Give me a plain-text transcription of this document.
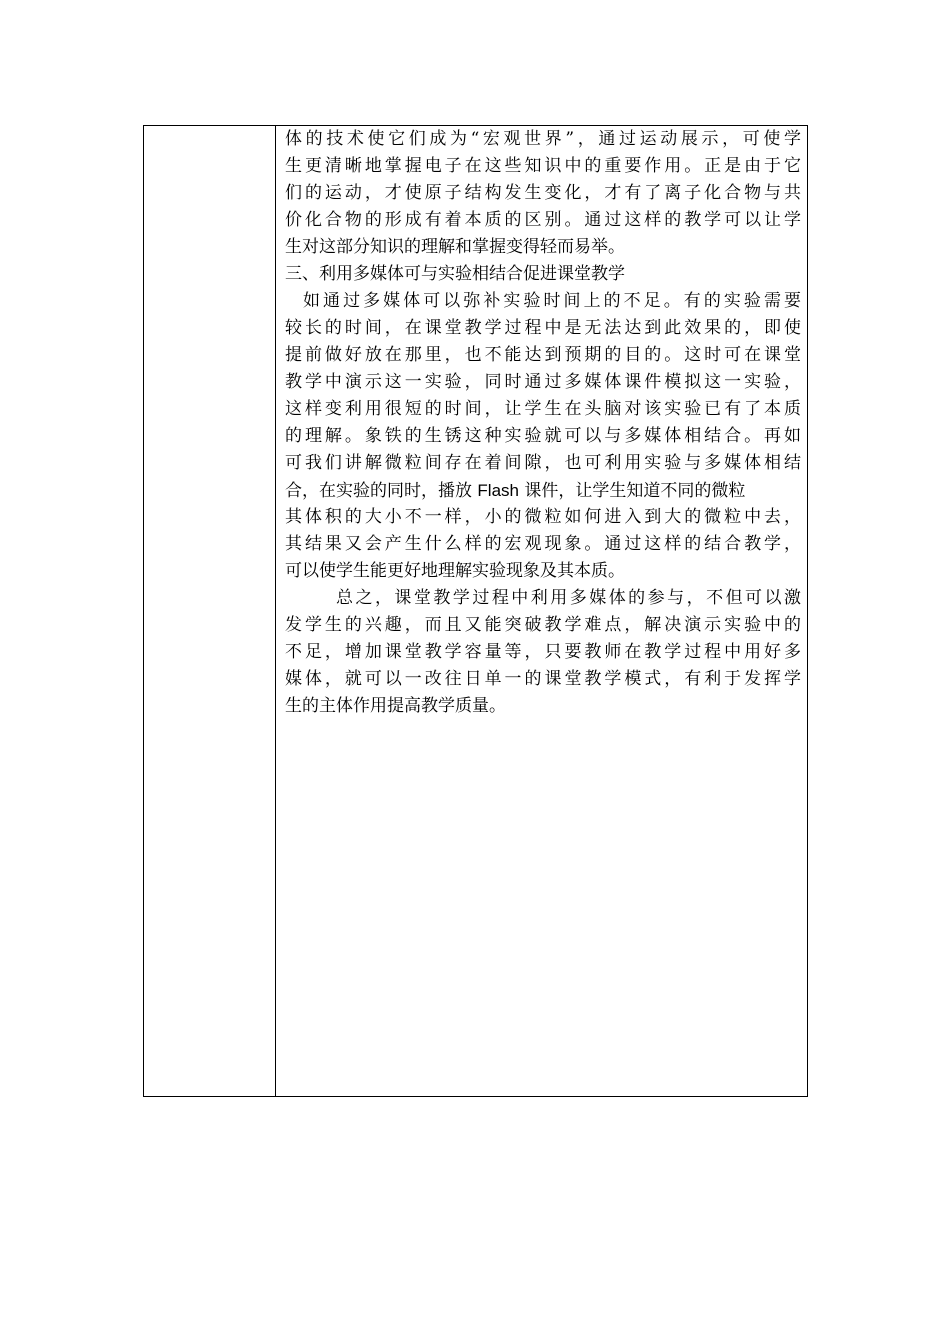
体的技术使它们成为“宏观世界”，通过运动展示，可使学
生更清晰地掌握电子在这些知识中的重要作用。正是由于它
们的运动，才使原子结构发生变化，才有了离子化合物与共
价化合物的形成有着本质的区别。通过这样的教学可以让学
生对这部分知识的理解和掌握变得轻而易举。
三、利用多媒体可与实验相结合促进课堂教学
如通过多媒体可以弥补实验时间上的不足。有的实验需要
较长的时间，在课堂教学过程中是无法达到此效果的，即使
提前做好放在那里，也不能达到预期的目的。这时可在课堂
教学中演示这一实验，同时通过多媒体课件模拟这一实验，
这样变利用很短的时间，让学生在头脑对该实验已有了本质
的理解。象铁的生锈这种实验就可以与多媒体相结合。再如
可我们讲解微粒间存在着间隙，也可利用实验与多媒体相结
合，在实验的同时，播放 Flash 课件，让学生知道不同的微粒
其体积的大小不一样，小的微粒如何进入到大的微粒中去，
其结果又会产生什么样的宏观现象。通过这样的结合教学，
可以使学生能更好地理解实验现象及其本质。
总之，课堂教学过程中利用多媒体的参与，不但可以激
发学生的兴趣，而且又能突破教学难点，解决演示实验中的
不足，增加课堂教学容量等，只要教师在教学过程中用好多
媒体，就可以一改往日单一的课堂教学模式，有利于发挥学
生的主体作用提高教学质量。
